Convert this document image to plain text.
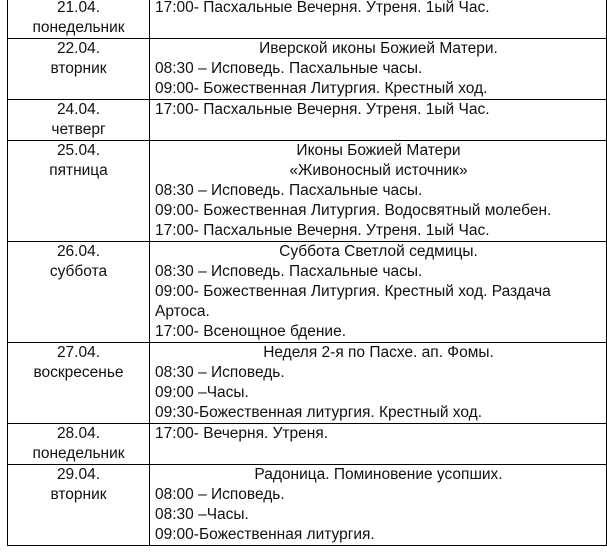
21.04.
понедельник	17:00- Пасхальные Вечерня. Утреня. 1ый Час.

22.04.
вторник	Иверской иконы Божией Матери.
08:30 – Исповедь. Пасхальные часы.
09:00- Божественная Литургия. Крестный ход.

24.04.
четверг	17:00- Пасхальные Вечерня. Утреня. 1ый Час.

25.04.
пятница	Иконы Божией Матери
«Живоносный источник»
08:30 – Исповедь. Пасхальные часы.
09:00- Божественная Литургия. Водосвятный молебен.
17:00- Пасхальные Вечерня. Утреня. 1ый Час.

26.04.
суббота	Суббота Светлой седмицы.
08:30 – Исповедь. Пасхальные часы.
09:00- Божественная Литургия. Крестный ход. Раздача Артоса.
17:00- Всенощное бдение.

27.04.
воскресенье	Неделя 2-я по Пасхе. ап. Фомы.
08:30 – Исповедь.
09:00 –Часы.
09:30-Божественная литургия. Крестный ход.

28.04.
понедельник	17:00- Вечерня. Утреня.

29.04.
вторник	Радоница. Поминовение усопших.
08:00 – Исповедь.
08:30 –Часы.
09:00-Божественная литургия.
